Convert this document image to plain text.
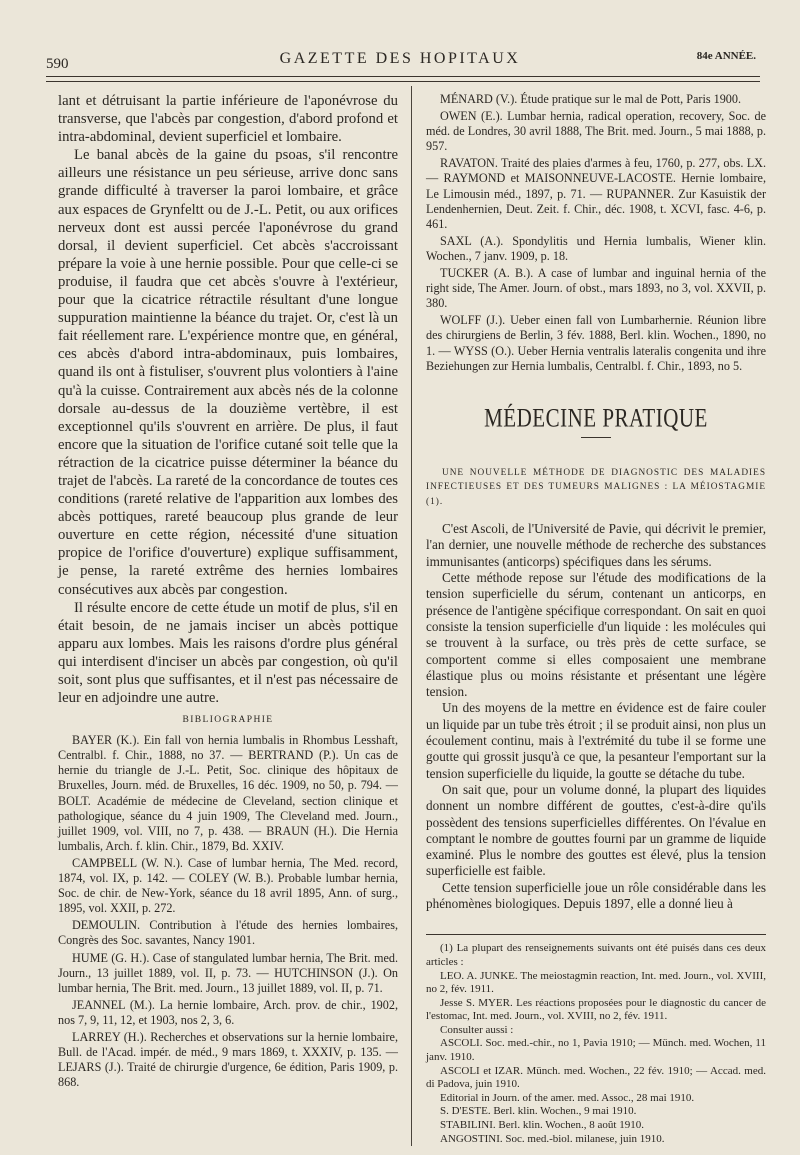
590	GAZETTE DES HOPITAUX	84e ANNÉE.

lant et détruisant la partie inférieure de l'aponévrose du transverse, que l'abcès par congestion, d'abord profond et intra-abdominal, devient superficiel et lombaire.

Le banal abcès de la gaine du psoas, s'il rencontre ailleurs une résistance un peu sérieuse, arrive donc sans grande difficulté à traverser la paroi lombaire, et grâce aux espaces de Grynfeltt ou de J.-L. Petit, ou aux orifices nerveux dont est aussi percée l'aponévrose du grand dorsal, il devient superficiel. Cet abcès s'accroissant prépare la voie à une hernie possible. Pour que celle-ci se produise, il faudra que cet abcès s'ouvre à l'extérieur, pour que la cicatrice rétractile résultant d'une longue suppuration maintienne la béance du trajet. Or, c'est là un fait réellement rare. L'expérience montre que, en général, ces abcès d'abord intra-abdominaux, puis lombaires, quand ils ont à fistuliser, s'ouvrent plus volontiers à l'aine qu'à la cuisse. Contrairement aux abcès nés de la colonne dorsale au-dessus de la douzième vertèbre, il est exceptionnel qu'ils s'ouvrent en arrière. De plus, il faut encore que la situation de l'orifice cutané soit telle que la rétraction de la cicatrice puisse déterminer la béance du trajet de l'abcès. La rareté de la concordance de toutes ces conditions (rareté relative de l'apparition aux lombes des abcès pottiques, rareté beaucoup plus grande de leur ouverture en cette région, nécessité d'une situation propice de l'orifice d'ouverture) explique suffisamment, je pense, la rareté extrême des hernies lombaires consécutives aux abcès par congestion.

Il résulte encore de cette étude un motif de plus, s'il en était besoin, de ne jamais inciser un abcès pottique apparu aux lombes. Mais les raisons d'ordre plus général qui interdisent d'inciser un abcès par congestion, où qu'il soit, sont plus que suffisantes, et il n'est pas nécessaire de leur en adjoindre une autre.

BIBLIOGRAPHIE

BAYER (K.). Ein fall von hernia lumbalis in Rhombus Lesshaft, Centralbl. f. Chir., 1888, no 37. — BERTRAND (P.). Un cas de hernie du triangle de J.-L. Petit, Soc. clinique des hôpitaux de Bruxelles, Journ. méd. de Bruxelles, 16 déc. 1909, no 50, p. 794. — BOLT. Académie de médecine de Cleveland, section clinique et pathologique, séance du 4 juin 1909, The Cleveland med. Journ., juillet 1909, vol. VIII, no 7, p. 438. — BRAUN (H.). Die Hernia lumbalis, Arch. f. klin. Chir., 1879, Bd. XXIV.

CAMPBELL (W. N.). Case of lumbar hernia, The Med. record, 1874, vol. IX, p. 142. — COLEY (W. B.). Probable lumbar hernia, Soc. de chir. de New-York, séance du 18 avril 1895, Ann. of surg., 1895, vol. XXII, p. 272.

DEMOULIN. Contribution à l'étude des hernies lombaires, Congrès des Soc. savantes, Nancy 1901.

HUME (G. H.). Case of stangulated lumbar hernia, The Brit. med. Journ., 13 juillet 1889, vol. II, p. 73. — HUTCHINSON (J.). On lumbar hernia, The Brit. med. Journ., 13 juillet 1889, vol. II, p. 71.

JEANNEL (M.). La hernie lombaire, Arch. prov. de chir., 1902, nos 7, 9, 11, 12, et 1903, nos 2, 3, 6.

LARREY (H.). Recherches et observations sur la hernie lombaire, Bull. de l'Acad. impér. de méd., 9 mars 1869, t. XXXIV, p. 135. — LEJARS (J.). Traité de chirurgie d'urgence, 6e édition, Paris 1909, p. 868.

MÉNARD (V.). Étude pratique sur le mal de Pott, Paris 1900.

OWEN (E.). Lumbar hernia, radical operation, recovery, Soc. de méd. de Londres, 30 avril 1888, The Brit. med. Journ., 5 mai 1888, p. 957.

RAVATON. Traité des plaies d'armes à feu, 1760, p. 277, obs. LX. — RAYMOND et MAISONNEUVE-LACOSTE. Hernie lombaire, Le Limousin méd., 1897, p. 71. — RUPANNER. Zur Kasuistik der Lendenhernien, Deut. Zeit. f. Chir., déc. 1908, t. XCVI, fasc. 4-6, p. 461.

SAXL (A.). Spondylitis und Hernia lumbalis, Wiener klin. Wochen., 7 janv. 1909, p. 18.

TUCKER (A. B.). A case of lumbar and inguinal hernia of the right side, The Amer. Journ. of obst., mars 1893, no 3, vol. XXVII, p. 380.

WOLFF (J.). Ueber einen fall von Lumbarhernie. Réunion libre des chirurgiens de Berlin, 3 fév. 1888, Berl. klin. Wochen., 1890, no 1. — WYSS (O.). Ueber Hernia ventralis lateralis congenita und ihre Beziehungen zur Hernia lumbalis, Centralbl. f. Chir., 1893, no 5.

MÉDECINE PRATIQUE

UNE NOUVELLE MÉTHODE DE DIAGNOSTIC DES MALADIES INFECTIEUSES ET DES TUMEURS MALIGNES : LA MÉIOSTAGMIE (1).

C'est Ascoli, de l'Université de Pavie, qui décrivit le premier, l'an dernier, une nouvelle méthode de recherche des substances immunisantes (anticorps) spécifiques dans les sérums.

Cette méthode repose sur l'étude des modifications de la tension superficielle du sérum, contenant un anticorps, en présence de l'antigène spécifique correspondant. On sait en quoi consiste la tension superficielle d'un liquide : les molécules qui se trouvent à la surface, ou très près de cette surface, se comportent comme si elles composaient une membrane élastique plus ou moins résistante et présentant une légère tension.

Un des moyens de la mettre en évidence est de faire couler un liquide par un tube très étroit ; il se produit ainsi, non plus un écoulement continu, mais à l'extrémité du tube il se forme une goutte qui grossit jusqu'à ce que, la pesanteur l'emportant sur la tension superficielle du liquide, la goutte se détache du tube.

On sait que, pour un volume donné, la plupart des liquides donnent un nombre différent de gouttes, c'est-à-dire qu'ils possèdent des tensions superficielles différentes. On l'évalue en comptant le nombre de gouttes fourni par un gramme de liquide examiné. Plus le nombre des gouttes est élevé, plus la tension superficielle est faible.

Cette tension superficielle joue un rôle considérable dans les phénomènes biologiques. Depuis 1897, elle a donné lieu à

(1) La plupart des renseignements suivants ont été puisés dans ces deux articles :

LEO. A. JUNKE. The meiostagmin reaction, Int. med. Journ., vol. XVIII, no 2, fév. 1911.

Jesse S. MYER. Les réactions proposées pour le diagnostic du cancer de l'estomac, Int. med. Journ., vol. XVIII, no 2, fév. 1911.

Consulter aussi :

ASCOLI. Soc. med.-chir., no 1, Pavia 1910; — Münch. med. Wochen, 11 janv. 1910.

ASCOLI et IZAR. Münch. med. Wochen., 22 fév. 1910; — Accad. med. di Padova, juin 1910.

Editorial in Journ. of the amer. med. Assoc., 28 mai 1910.

S. D'ESTE. Berl. klin. Wochen., 9 mai 1910.

STABILINI. Berl. klin. Wochen., 8 août 1910.

ANGOSTINI. Soc. med.-biol. milanese, juin 1910.
